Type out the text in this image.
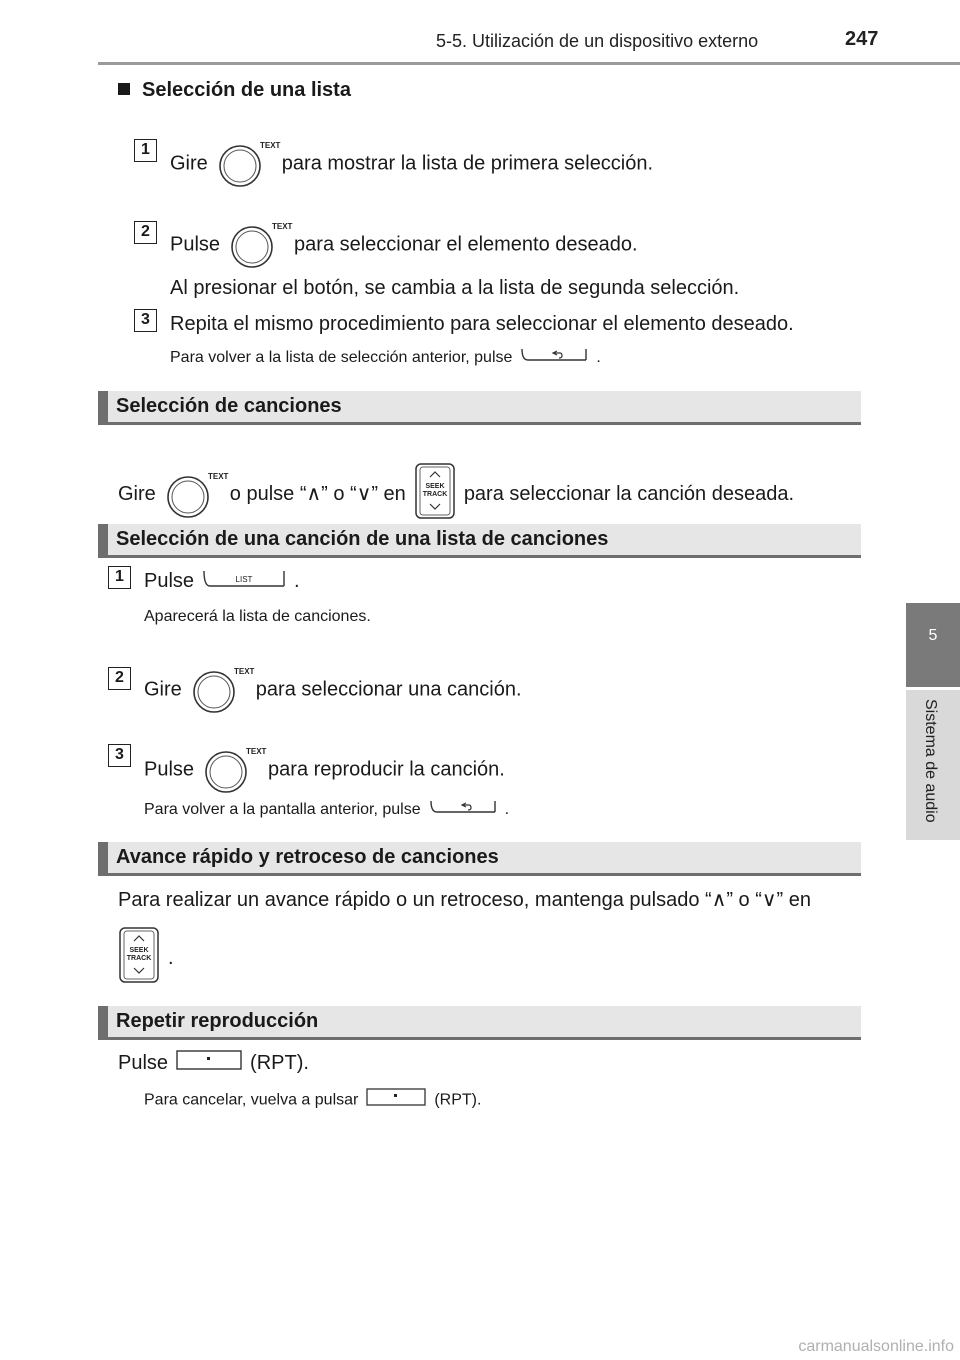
5-5. Utilización de un dispositivo externo	247
5
Sistema de audio
Selección de una lista
1
Gire
TEXT
para mostrar la lista de primera selección.
2
Pulse
TEXT
para seleccionar el elemento deseado.
Al presionar el botón, se cambia a la lista de segunda selección.
3	Repita el mismo procedimiento para seleccionar el elemento deseado.
Para volver a la lista de selección anterior, pulse	.
Selección de canciones
Gire
TEXT
o pulse “∧” o “∨” en	SEEK
TRACK para seleccionar la canción deseada.
Selección de una canción de una lista de canciones
1	Pulse	LIST .
Aparecerá la lista de canciones.
2
Gire
TEXT
para seleccionar una canción.
3
Pulse
TEXT
para reproducir la canción.
Para volver a la pantalla anterior, pulse	.
Avance rápido y retroceso de canciones
Para realizar un avance rápido o un retroceso, mantenga pulsado “∧” o “∨” en
SEEK
TRACK .
Repetir reproducción
Pulse	(RPT).
Para cancelar, vuelva a pulsar	(RPT).
carmanualsonline.info
